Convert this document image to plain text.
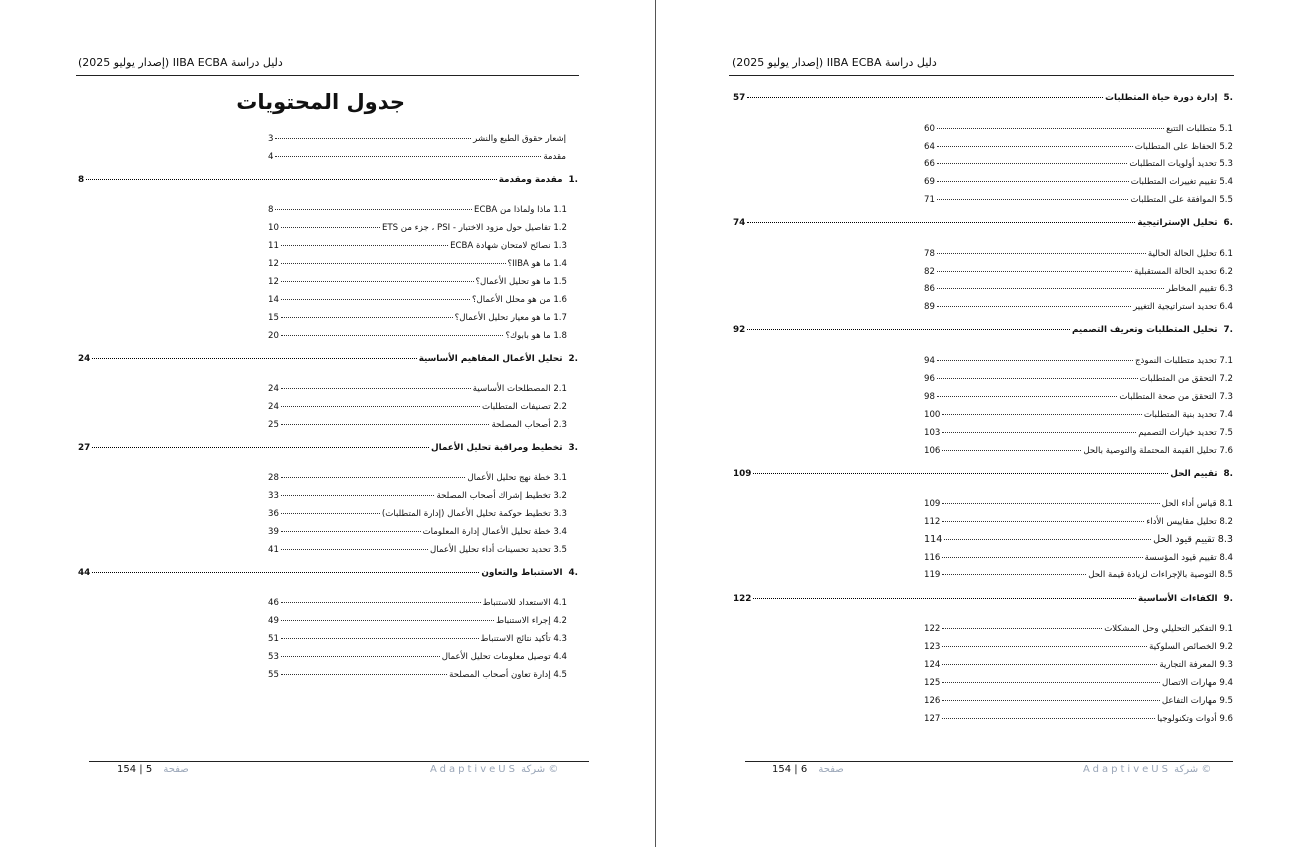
دليل دراسة IIBA ECBA (إصدار يوليو 2025)
جدول المحتويات
إشعار حقوق الطبع والنشر
3
مقدمة
4
1.
مقدمة ومقدمة
8
1.1 ماذا ولماذا من ECBA
8
1.2 تفاصيل حول مزود الاختبار - PSI ، جزء من ETS
10
1.3 نصائح لامتحان شهادة ECBA
11
1.4 ما هو IIBA؟
12
1.5 ما هو تحليل الأعمال؟
12
1.6 من هو محلل الأعمال؟
14
1.7 ما هو معيار تحليل الأعمال؟
15
1.8 ما هو بابوك؟
20
2.
تحليل الأعمال المفاهيم الأساسية
24
2.1 المصطلحات الأساسية
24
2.2 تصنيفات المتطلبات
24
2.3 أصحاب المصلحة
25
3.
تخطيط ومراقبة تحليل الأعمال
27
3.1 خطة نهج تحليل الأعمال
28
3.2 تخطيط إشراك أصحاب المصلحة
33
3.3 تخطيط حوكمة تحليل الأعمال (إدارة المتطلبات)
36
3.4 خطة تحليل الأعمال إدارة المعلومات
39
3.5 تحديد تحسينات أداء تحليل الأعمال
41
4.
الاستنباط والتعاون
44
4.1 الاستعداد للاستنباط
46
4.2 إجراء الاستنباط
49
4.3 تأكيد نتائج الاستنباط
51
4.4 توصيل معلومات تحليل الأعمال
53
4.5 إدارة تعاون أصحاب المصلحة
55
154 | 5 صفحة	© شركة AdaptiveUS
دليل دراسة IIBA ECBA (إصدار يوليو 2025)
5.
إدارة دورة حياة المتطلبات
57
5.1 متطلبات التتبع
60
5.2 الحفاظ على المتطلبات
64
5.3 تحديد أولويات المتطلبات
66
5.4 تقييم تغييرات المتطلبات
69
5.5 الموافقة على المتطلبات
71
6.
تحليل الإستراتيجية
74
6.1 تحليل الحالة الحالية
78
6.2 تحديد الحالة المستقبلية
82
6.3 تقييم المخاطر
86
6.4 تحديد استراتيجية التغيير
89
7.
تحليل المتطلبات وتعريف التصميم
92
7.1 تحديد متطلبات النموذج
94
7.2 التحقق من المتطلبات
96
7.3 التحقق من صحة المتطلبات
98
7.4 تحديد بنية المتطلبات
100
7.5 تحديد خيارات التصميم
103
7.6 تحليل القيمة المحتملة والتوصية بالحل
106
8.
تقييم الحل
109
8.1 قياس أداء الحل
109
8.2 تحليل مقاييس الأداء
112
8.3 تقييم قيود الحل
114
8.4 تقييم قيود المؤسسة
116
8.5 التوصية بالإجراءات لزيادة قيمة الحل
119
9.
الكفاءات الأساسية
122
9.1 التفكير التحليلي وحل المشكلات
122
9.2 الخصائص السلوكية
123
9.3 المعرفة التجارية
124
9.4 مهارات الاتصال
125
9.5 مهارات التفاعل
126
9.6 أدوات وتكنولوجيا
127
154 | 6 صفحة	© شركة AdaptiveUS
